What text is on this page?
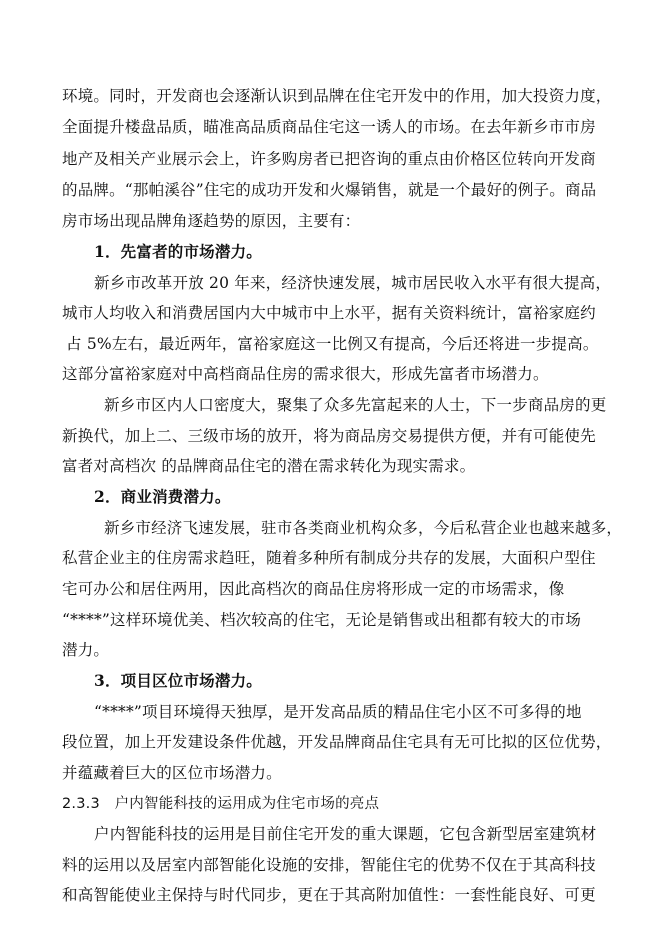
环境。同时，开发商也会逐渐认识到品牌在住宅开发中的作用，加大投资力度，
全面提升楼盘品质，瞄准高品质商品住宅这一诱人的市场。在去年新乡市市房
地产及相关产业展示会上，许多购房者已把咨询的重点由价格区位转向开发商
的品牌。“那帕溪谷”住宅的成功开发和火爆销售，就是一个最好的例子。商品
房市场出现品牌角逐趋势的原因，主要有：
1．先富者的市场潜力。
新乡市改革开放 20 年来，经济快速发展，城市居民收入水平有很大提高，
城市人均收入和消费居国内大中城市中上水平，据有关资料统计，富裕家庭约
占 5%左右，最近两年，富裕家庭这一比例又有提高，今后还将进一步提高。
这部分富裕家庭对中高档商品住房的需求很大，形成先富者市场潜力。
新乡市区内人口密度大，聚集了众多先富起来的人士，下一步商品房的更
新换代，加上二、三级市场的放开，将为商品房交易提供方便，并有可能使先
富者对高档次 的品牌商品住宅的潜在需求转化为现实需求。
2．商业消费潜力。
新乡市经济飞速发展，驻市各类商业机构众多，今后私营企业也越来越多，
私营企业主的住房需求趋旺，随着多种所有制成分共存的发展，大面积户型住
宅可办公和居住两用，因此高档次的商品住房将形成一定的市场需求，像
“****”这样环境优美、档次较高的住宅，无论是销售或出租都有较大的市场
潜力。
3．项目区位市场潜力。
“****”项目环境得天独厚，是开发高品质的精品住宅小区不可多得的地
段位置，加上开发建设条件优越，开发品牌商品住宅具有无可比拟的区位优势，
并蕴藏着巨大的区位市场潜力。
2.3.3　户内智能科技的运用成为住宅市场的亮点
户内智能科技的运用是目前住宅开发的重大课题，它包含新型居室建筑材
料的运用以及居室内部智能化设施的安排，智能住宅的优势不仅在于其高科技
和高智能使业主保持与时代同步，更在于其高附加值性：一套性能良好、可更
